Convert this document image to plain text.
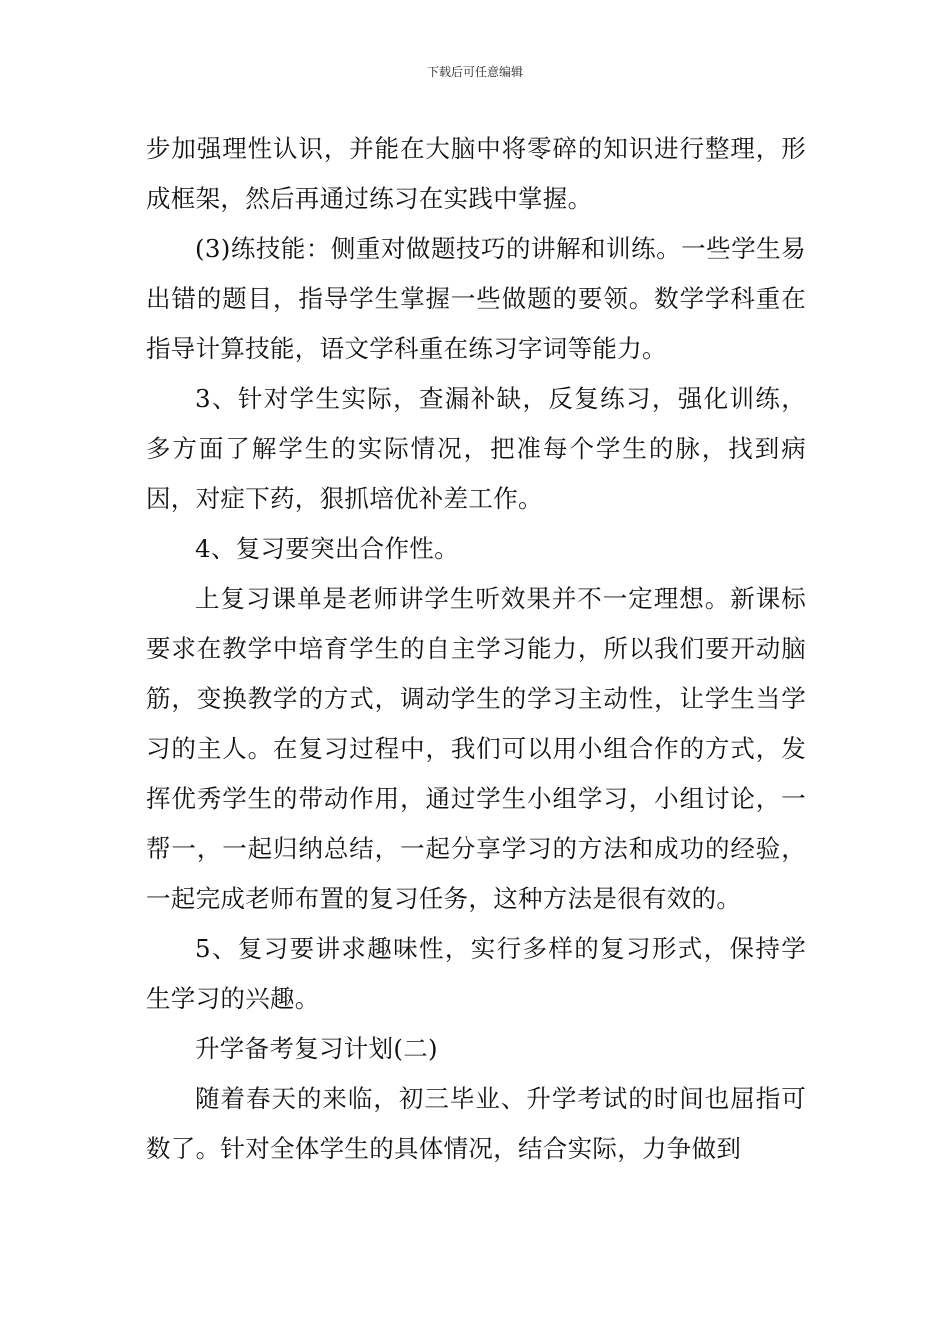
下载后可任意编辑

步加强理性认识，并能在大脑中将零碎的知识进行整理，形成框架，然后再通过练习在实践中掌握。

(3)练技能：侧重对做题技巧的讲解和训练。一些学生易出错的题目，指导学生掌握一些做题的要领。数学学科重在指导计算技能，语文学科重在练习字词等能力。

3、针对学生实际，查漏补缺，反复练习，强化训练，多方面了解学生的实际情况，把准每个学生的脉，找到病因，对症下药，狠抓培优补差工作。

4、复习要突出合作性。

上复习课单是老师讲学生听效果并不一定理想。新课标要求在教学中培育学生的自主学习能力，所以我们要开动脑筋，变换教学的方式，调动学生的学习主动性，让学生当学习的主人。在复习过程中，我们可以用小组合作的方式，发挥优秀学生的带动作用，通过学生小组学习，小组讨论，一帮一，一起归纳总结，一起分享学习的方法和成功的经验，一起完成老师布置的复习任务，这种方法是很有效的。

5、复习要讲求趣味性，实行多样的复习形式，保持学生学习的兴趣。

升学备考复习计划(二)

随着春天的来临，初三毕业、升学考试的时间也屈指可数了。针对全体学生的具体情况，结合实际，力争做到
